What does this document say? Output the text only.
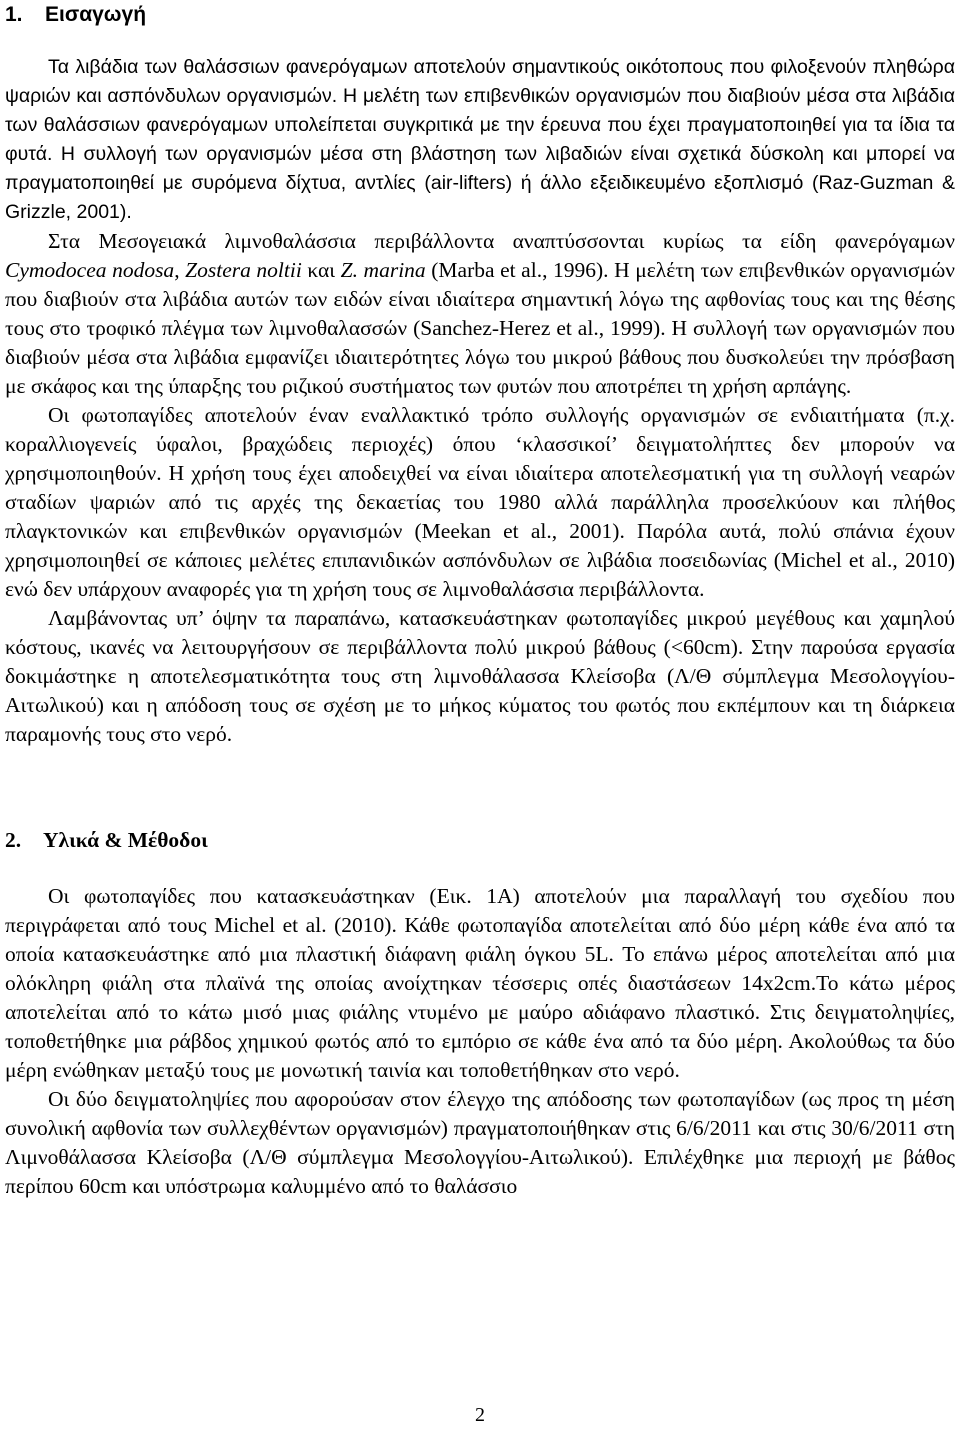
1. Εισαγωγή

Τα λιβάδια των θαλάσσιων φανερόγαμων αποτελούν σημαντικούς οικότοπους που φιλοξενούν πληθώρα ψαριών και ασπόνδυλων οργανισμών. Η μελέτη των επιβενθικών οργανισμών που διαβιούν μέσα στα λιβάδια των θαλάσσιων φανερόγαμων υπολείπεται συγκριτικά με την έρευνα που έχει πραγματοποιηθεί για τα ίδια τα φυτά. Η συλλογή των οργανισμών μέσα στη βλάστηση των λιβαδιών είναι σχετικά δύσκολη και μπορεί να πραγματοποιηθεί με συρόμενα δίχτυα, αντλίες (air-lifters) ή άλλο εξειδικευμένο εξοπλισμό (Raz-Guzman & Grizzle, 2001).

Στα Μεσογειακά λιμνοθαλάσσια περιβάλλοντα αναπτύσσονται κυρίως τα είδη φανερόγαμων Cymodocea nodosa, Zostera noltii και Z. marina (Marba et al., 1996). Η μελέτη των επιβενθικών οργανισμών που διαβιούν στα λιβάδια αυτών των ειδών είναι ιδιαίτερα σημαντική λόγω της αφθονίας τους και της θέσης τους στο τροφικό πλέγμα των λιμνοθαλασσών (Sanchez-Herez et al., 1999). Η συλλογή των οργανισμών που διαβιούν μέσα στα λιβάδια εμφανίζει ιδιαιτερότητες λόγω του μικρού βάθους που δυσκολεύει την πρόσβαση με σκάφος και της ύπαρξης του ριζικού συστήματος των φυτών που αποτρέπει τη χρήση αρπάγης.

Οι φωτοπαγίδες αποτελούν έναν εναλλακτικό τρόπο συλλογής οργανισμών σε ενδιαιτήματα (π.χ. κοραλλιογενείς ύφαλοι, βραχώδεις περιοχές) όπου ‘κλασσικοί’ δειγματολήπτες δεν μπορούν να χρησιμοποιηθούν. Η χρήση τους έχει αποδειχθεί να είναι ιδιαίτερα αποτελεσματική για τη συλλογή νεαρών σταδίων ψαριών από τις αρχές της δεκαετίας του 1980 αλλά παράλληλα προσελκύουν και πλήθος πλαγκτονικών και επιβενθικών οργανισμών (Meekan et al., 2001). Παρόλα αυτά, πολύ σπάνια έχουν χρησιμοποιηθεί σε κάποιες μελέτες επιπανιδικών ασπόνδυλων σε λιβάδια ποσειδωνίας (Michel et al., 2010) ενώ δεν υπάρχουν αναφορές για τη χρήση τους σε λιμνοθαλάσσια περιβάλλοντα.

Λαμβάνοντας υπ’ όψην τα παραπάνω, κατασκευάστηκαν φωτοπαγίδες μικρού μεγέθους και χαμηλού κόστους, ικανές να λειτουργήσουν σε περιβάλλοντα πολύ μικρού βάθους (<60cm). Στην παρούσα εργασία δοκιμάστηκε η αποτελεσματικότητα τους στη λιμνοθάλασσα Κλείσοβα (Λ/Θ σύμπλεγμα Μεσολογγίου-Αιτωλικού) και η απόδοση τους σε σχέση με το μήκος κύματος του φωτός που εκπέμπουν και τη διάρκεια παραμονής τους στο νερό.

2. Υλικά & Μέθοδοι

Οι φωτοπαγίδες που κατασκευάστηκαν (Εικ. 1Α) αποτελούν μια παραλλαγή του σχεδίου που περιγράφεται από τους Michel et al. (2010). Κάθε φωτοπαγίδα αποτελείται από δύο μέρη κάθε ένα από τα οποία κατασκευάστηκε από μια πλαστική διάφανη φιάλη όγκου 5L. Το επάνω μέρος αποτελείται από μια ολόκληρη φιάλη στα πλαϊνά της οποίας ανοίχτηκαν τέσσερις οπές διαστάσεων 14x2cm.Το κάτω μέρος αποτελείται από το κάτω μισό μιας φιάλης ντυμένο με μαύρο αδιάφανο πλαστικό. Στις δειγματοληψίες, τοποθετήθηκε μια ράβδος χημικού φωτός από το εμπόριο σε κάθε ένα από τα δύο μέρη. Ακολούθως τα δύο μέρη ενώθηκαν μεταξύ τους με μονωτική ταινία και τοποθετήθηκαν στο νερό.

Οι δύο δειγματοληψίες που αφορούσαν στον έλεγχο της απόδοσης των φωτοπαγίδων (ως προς τη μέση συνολική αφθονία των συλλεχθέντων οργανισμών) πραγματοποιήθηκαν στις 6/6/2011 και στις 30/6/2011 στη Λιμνοθάλασσα Κλείσοβα (Λ/Θ σύμπλεγμα Μεσολογγίου-Αιτωλικού). Επιλέχθηκε μια περιοχή με βάθος περίπου 60cm και υπόστρωμα καλυμμένο από το θαλάσσιο

2
